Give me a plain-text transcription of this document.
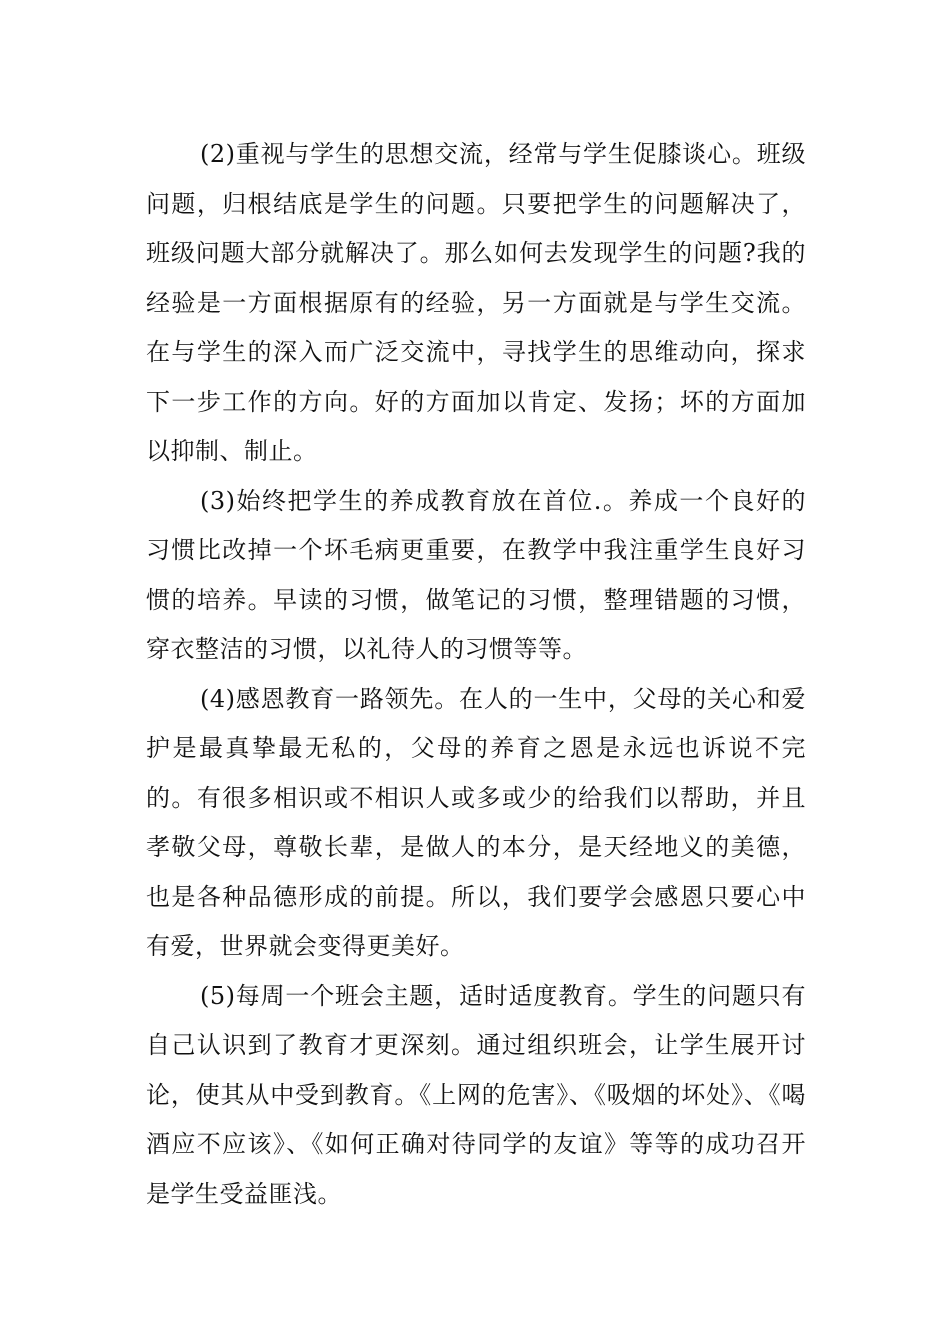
(2)重视与学生的思想交流，经常与学生促膝谈心。班级问题，归根结底是学生的问题。只要把学生的问题解决了，班级问题大部分就解决了。那么如何去发现学生的问题?我的经验是一方面根据原有的经验，另一方面就是与学生交流。在与学生的深入而广泛交流中，寻找学生的思维动向，探求下一步工作的方向。好的方面加以肯定、发扬；坏的方面加以抑制、制止。

(3)始终把学生的养成教育放在首位.。养成一个良好的习惯比改掉一个坏毛病更重要，在教学中我注重学生良好习惯的培养。早读的习惯，做笔记的习惯，整理错题的习惯，穿衣整洁的习惯，以礼待人的习惯等等。

(4)感恩教育一路领先。在人的一生中，父母的关心和爱护是最真挚最无私的，父母的养育之恩是永远也诉说不完的。有很多相识或不相识人或多或少的给我们以帮助，并且孝敬父母，尊敬长辈，是做人的本分，是天经地义的美德，也是各种品德形成的前提。所以，我们要学会感恩只要心中有爱，世界就会变得更美好。

(5)每周一个班会主题，适时适度教育。学生的问题只有自己认识到了教育才更深刻。通过组织班会，让学生展开讨论，使其从中受到教育。《上网的危害》、《吸烟的坏处》、《喝酒应不应该》、《如何正确对待同学的友谊》等等的成功召开是学生受益匪浅。
